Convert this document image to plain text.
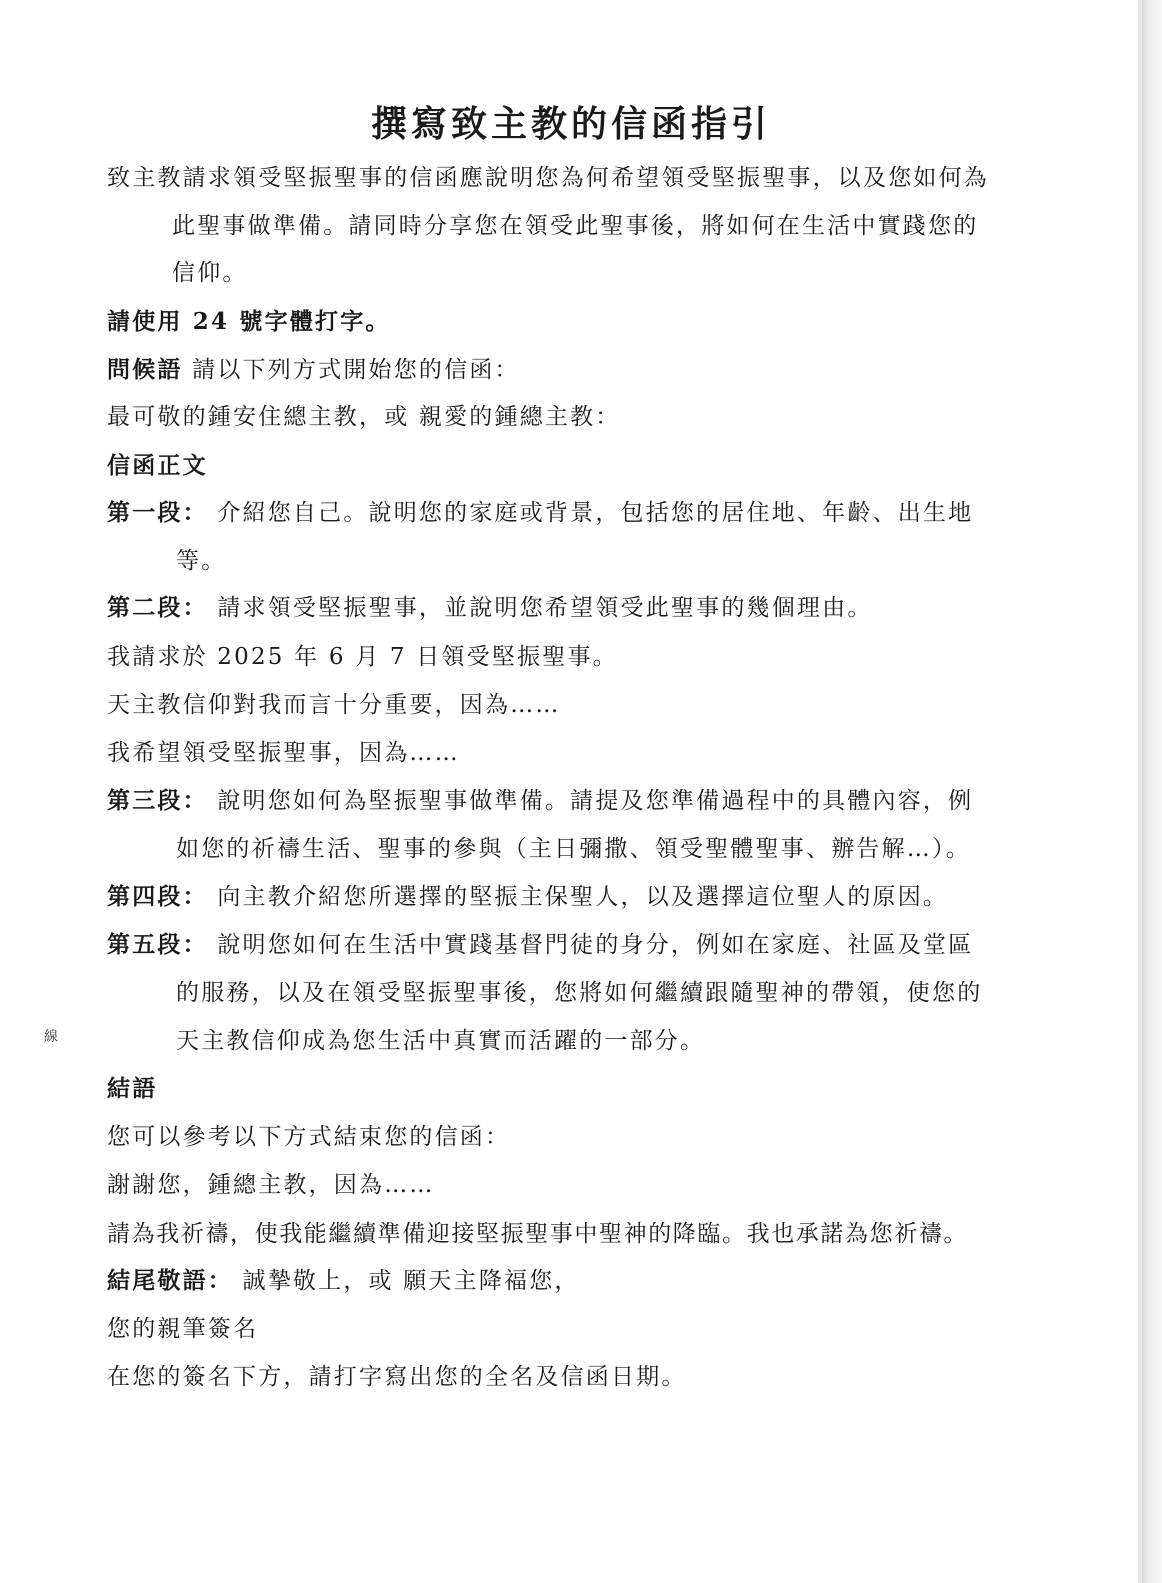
撰寫致主教的信函指引

致主教請求領受堅振聖事的信函應說明您為何希望領受堅振聖事，以及您如何為

此聖事做準備。請同時分享您在領受此聖事後，將如何在生活中實踐您的

信仰。

請使用 24 號字體打字。

問候語 請以下列方式開始您的信函：

最可敬的鍾安住總主教，或 親愛的鍾總主教：

信函正文

第一段： 介紹您自己。說明您的家庭或背景，包括您的居住地、年齡、出生地

等。

第二段： 請求領受堅振聖事，並說明您希望領受此聖事的幾個理由。

我請求於 2025 年 6 月 7 日領受堅振聖事。

天主教信仰對我而言十分重要，因為……

我希望領受堅振聖事，因為……

第三段： 說明您如何為堅振聖事做準備。請提及您準備過程中的具體內容，例

如您的祈禱生活、聖事的參與（主日彌撒、領受聖體聖事、辦告解…）。

第四段： 向主教介紹您所選擇的堅振主保聖人，以及選擇這位聖人的原因。

第五段： 說明您如何在生活中實踐基督門徒的身分，例如在家庭、社區及堂區

的服務，以及在領受堅振聖事後，您將如何繼續跟隨聖神的帶領，使您的

天主教信仰成為您生活中真實而活躍的一部分。

線

結語

您可以參考以下方式結束您的信函：

謝謝您，鍾總主教，因為……

請為我祈禱，使我能繼續準備迎接堅振聖事中聖神的降臨。我也承諾為您祈禱。

結尾敬語： 誠摯敬上，或 願天主降福您，

您的親筆簽名

在您的簽名下方，請打字寫出您的全名及信函日期。
